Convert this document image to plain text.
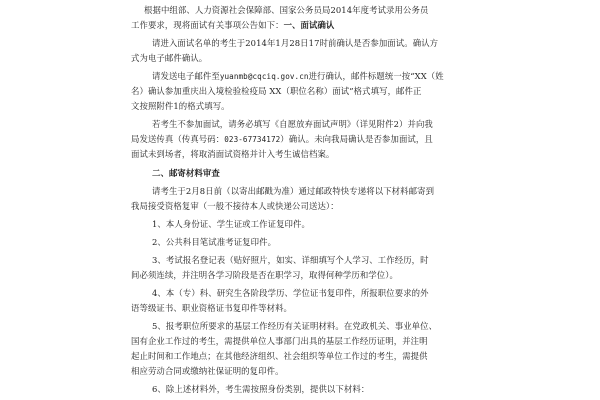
根据中组部、人力资源社会保障部、国家公务员局2014年度考试录用公务员
工作要求，现将面试有关事项公告如下：一、面试确认
请进入面试名单的考生于2014年1月28日17时前确认是否参加面试。确认方
式为电子邮件确认。
请发送电子邮件至yuanmb@cqciq.gov.cn进行确认，邮件标题统一按“XX（姓
名）确认参加重庆出入境检验检疫局 XX（职位名称）面试”格式填写，邮件正
文按照附件1的格式填写。
若考生不参加面试，请务必填写《自愿放弃面试声明》（详见附件2）并向我
局发送传真（传真号码：023-67734172）确认。未向我局确认是否参加面试，且
面试未到场者，将取消面试资格并计入考生诚信档案。
二、邮寄材料审查
请考生于2月8日前（以寄出邮戳为准）通过邮政特快专递将以下材料邮寄到
我局接受资格复审（一般不接待本人或快递公司送达）：
1、本人身份证、学生证或工作证复印件。
2、公共科目笔试准考证复印件。
3、考试报名登记表（贴好照片，如实、详细填写个人学习、工作经历，时
间必须连续，并注明各学习阶段是否在职学习，取得何种学历和学位）。
4、本（专）科、研究生各阶段学历、学位证书复印件，所报职位要求的外
语等级证书、职业资格证书复印件等材料。
5、报考职位所要求的基层工作经历有关证明材料。在党政机关、事业单位、
国有企业工作过的考生，需提供单位人事部门出具的基层工作经历证明，并注明
起止时间和工作地点；在其他经济组织、社会组织等单位工作过的考生，需提供
相应劳动合同或缴纳社保证明的复印件。
6、除上述材料外，考生需按照身份类别，提供以下材料：
